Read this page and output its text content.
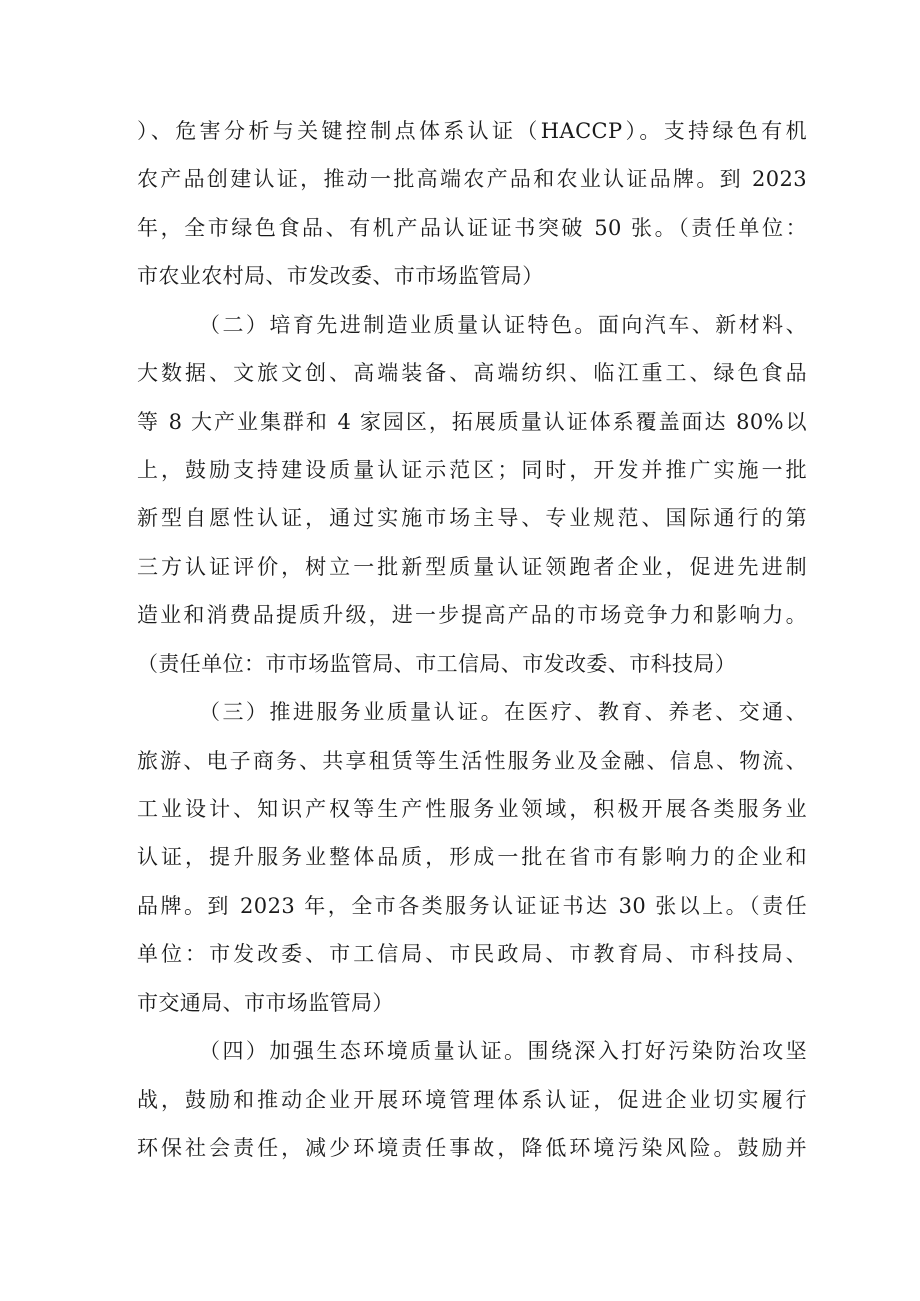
）、危害分析与关键控制点体系认证（HACCP）。支持绿色有机
农产品创建认证，推动一批高端农产品和农业认证品牌。到 2023
年，全市绿色食品、有机产品认证证书突破 50 张。（责任单位：
市农业农村局、市发改委、市市场监管局）
（二）培育先进制造业质量认证特色。面向汽车、新材料、
大数据、文旅文创、高端装备、高端纺织、临江重工、绿色食品
等 8 大产业集群和 4 家园区，拓展质量认证体系覆盖面达 80%以
上，鼓励支持建设质量认证示范区；同时，开发并推广实施一批
新型自愿性认证，通过实施市场主导、专业规范、国际通行的第
三方认证评价，树立一批新型质量认证领跑者企业，促进先进制
造业和消费品提质升级，进一步提高产品的市场竞争力和影响力。
（责任单位：市市场监管局、市工信局、市发改委、市科技局）
（三）推进服务业质量认证。在医疗、教育、养老、交通、
旅游、电子商务、共享租赁等生活性服务业及金融、信息、物流、
工业设计、知识产权等生产性服务业领域，积极开展各类服务业
认证，提升服务业整体品质，形成一批在省市有影响力的企业和
品牌。到 2023 年，全市各类服务认证证书达 30 张以上。（责任
单位：市发改委、市工信局、市民政局、市教育局、市科技局、
市交通局、市市场监管局）
（四）加强生态环境质量认证。围绕深入打好污染防治攻坚
战，鼓励和推动企业开展环境管理体系认证，促进企业切实履行
环保社会责任，减少环境责任事故，降低环境污染风险。鼓励并
